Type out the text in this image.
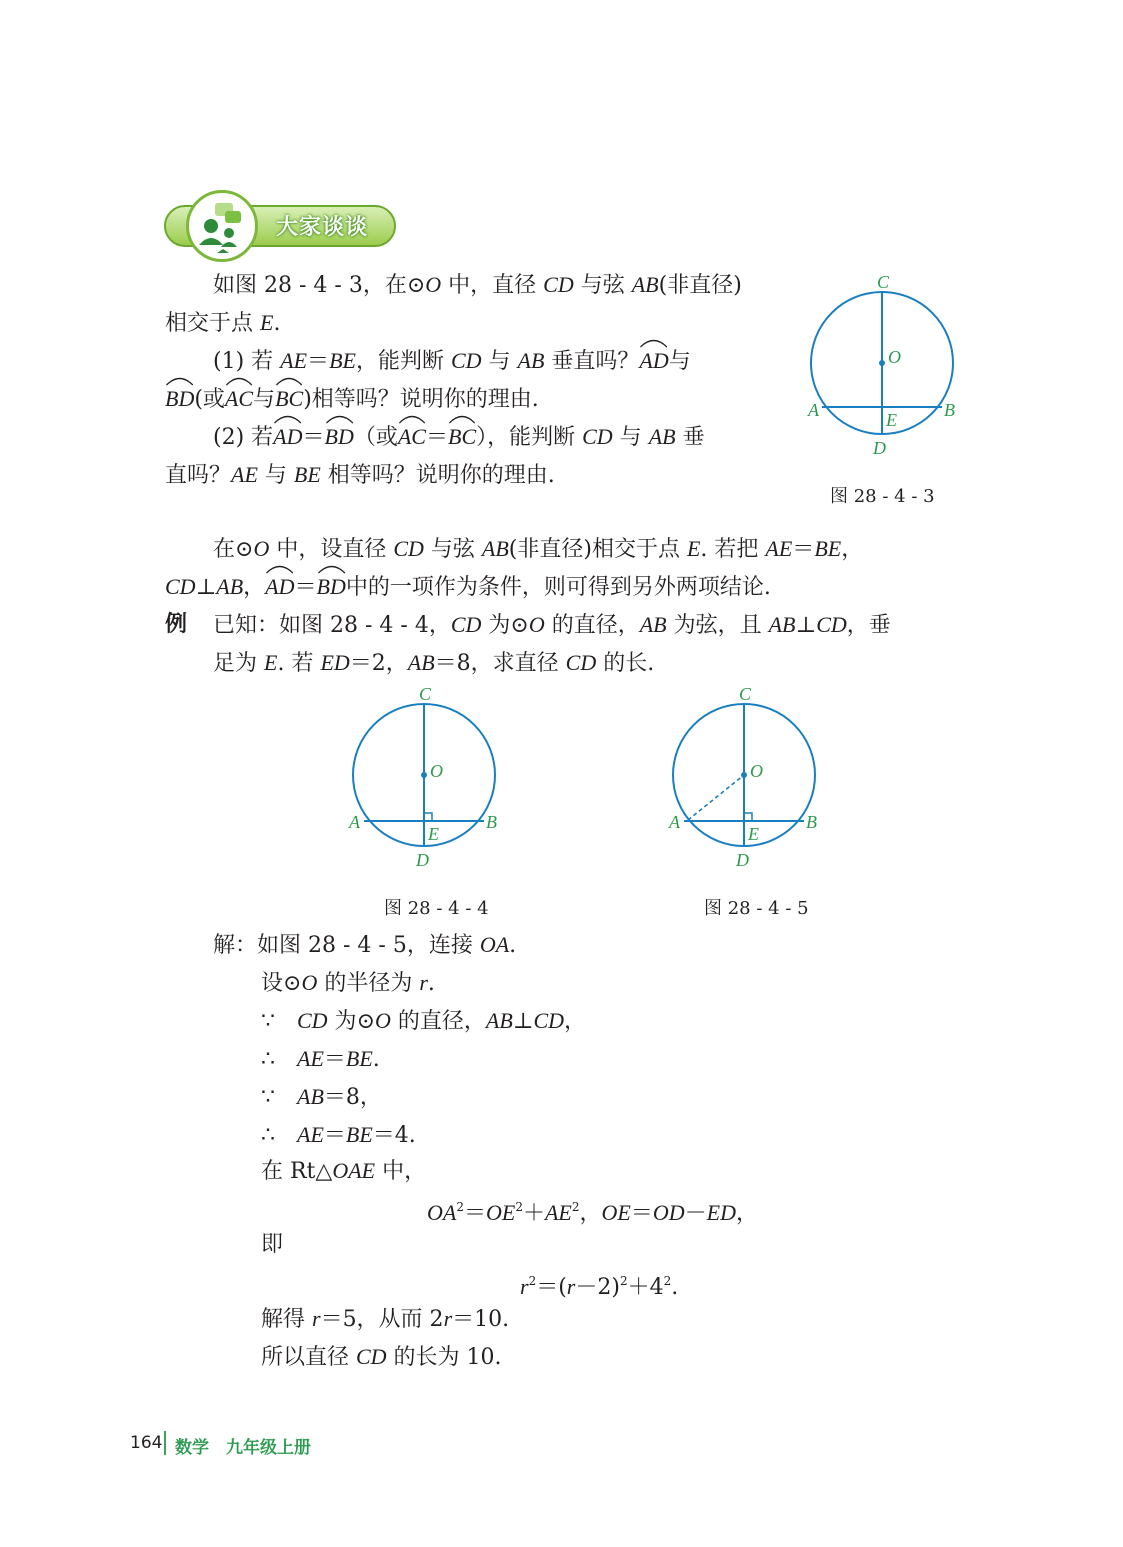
大家谈谈
如图 28 - 4 - 3，在⊙O 中，直径 CD 与弦 AB(非直径)
相交于点 E.
(1) 若 AE＝BE，能判断 CD 与 AB 垂直吗？
AD与
BD(或
AC与
BC)相等吗？说明你的理由.
(2) 若
AD＝
BD（或
AC＝
BC），能判断 CD 与 AB 垂
直吗？AE 与 BE 相等吗？说明你的理由.
C
O
A	B
E
D
图 28 - 4 - 3
在⊙O 中，设直径 CD 与弦 AB(非直径)相交于点 E. 若把 AE＝BE，
CD⊥AB，
AD＝
BD中的一项作为条件，则可得到另外两项结论.
例 已知：如图 28 - 4 - 4，CD 为⊙O 的直径，AB 为弦，且 AB⊥CD，垂
足为 E. 若 ED＝2，AB＝8，求直径 CD 的长.
C
O
A	B
E
D
图 28 - 4 - 4
C
O
A	B
E
D
图 28 - 4 - 5
解：如图 28 - 4 - 5，连接 OA.
设⊙O 的半径为 r.
∵ CD 为⊙O 的直径，AB⊥CD，
∴ AE＝BE.
∵ AB＝8，
∴ AE＝BE＝4.
在 Rt△OAE 中，
$OA^2=OE^2+AE^2$，OE＝OD－ED，
即
$r^2=(r-2)^2+4^2$.
解得 r＝5，从而 2r＝10.
所以直径 CD 的长为 10.
164 数学　九年级上册
